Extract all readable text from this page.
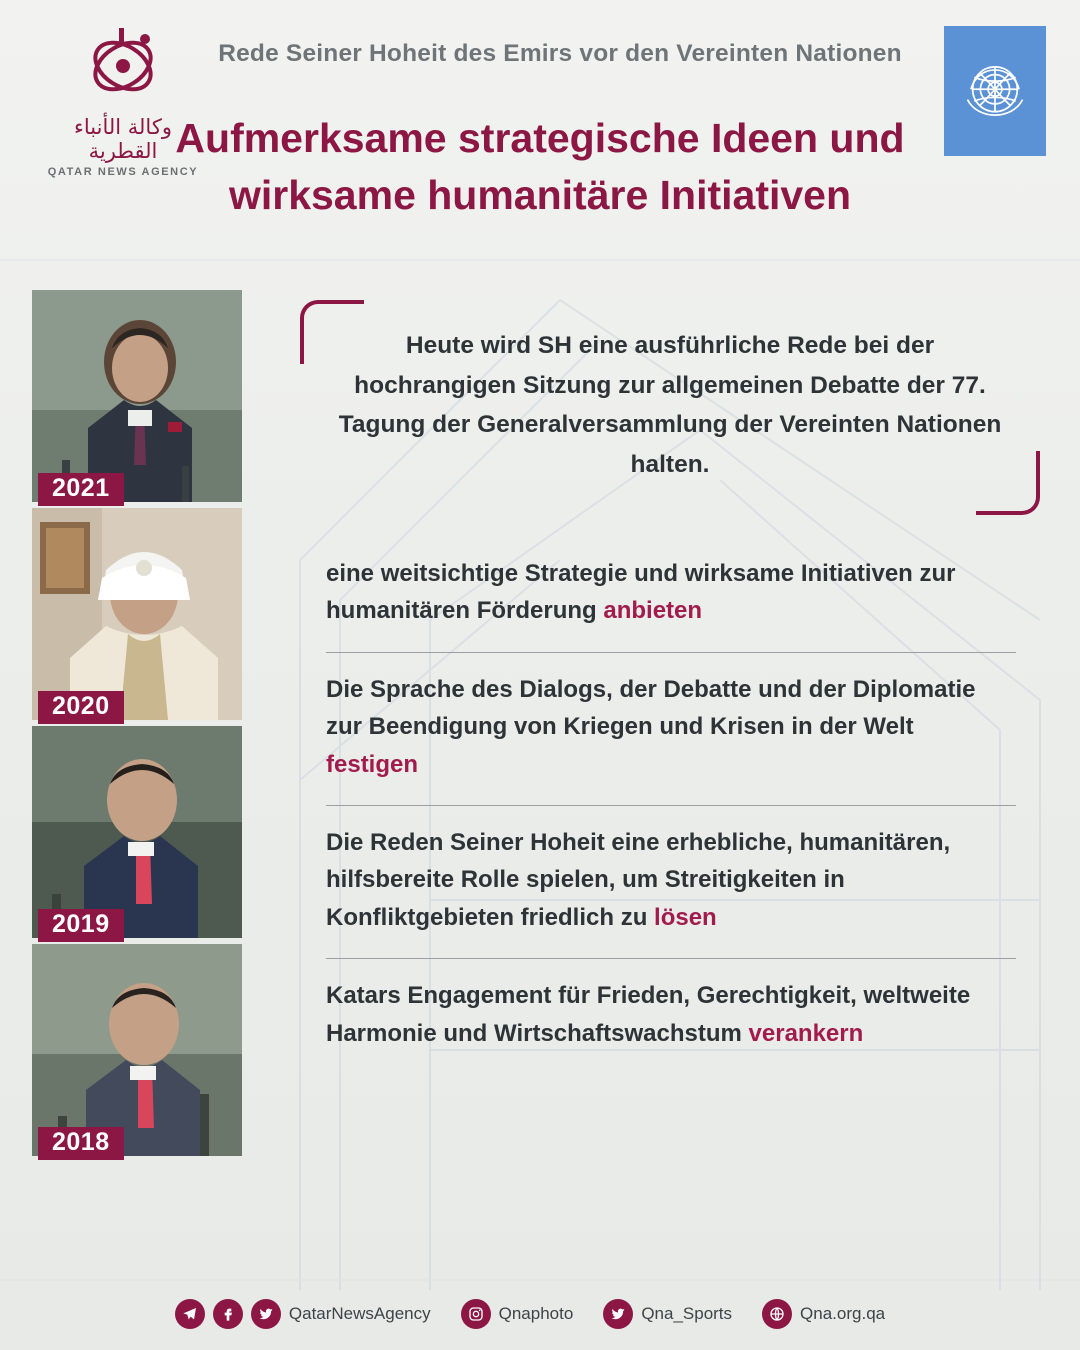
وكالة الأنباء القطرية
QATAR NEWS AGENCY
Rede Seiner Hoheit des Emirs vor den Vereinten Nationen
Aufmerksame strategische Ideen und wirksame humanitäre Initiativen
2021
2020
2019
2018
Heute wird SH eine ausführliche Rede bei der hochrangigen Sitzung zur allgemeinen Debatte der 77. Tagung der Generalversammlung der Vereinten Nationen halten.

eine weitsichtige Strategie und wirksame Initiativen zur humanitären Förderung anbieten

Die Sprache des Dialogs, der Debatte und der Diplomatie zur Beendigung von Kriegen und Krisen in der Welt festigen

Die Reden Seiner Hoheit eine erhebliche, humanitären, hilfsbereite Rolle spielen, um Streitigkeiten in Konfliktgebieten friedlich zu lösen

Katars Engagement für Frieden, Gerechtigkeit, weltweite Harmonie und Wirtschaftswachstum verankern

QatarNewsAgency	Qnaphoto	Qna_Sports	Qna.org.qa
